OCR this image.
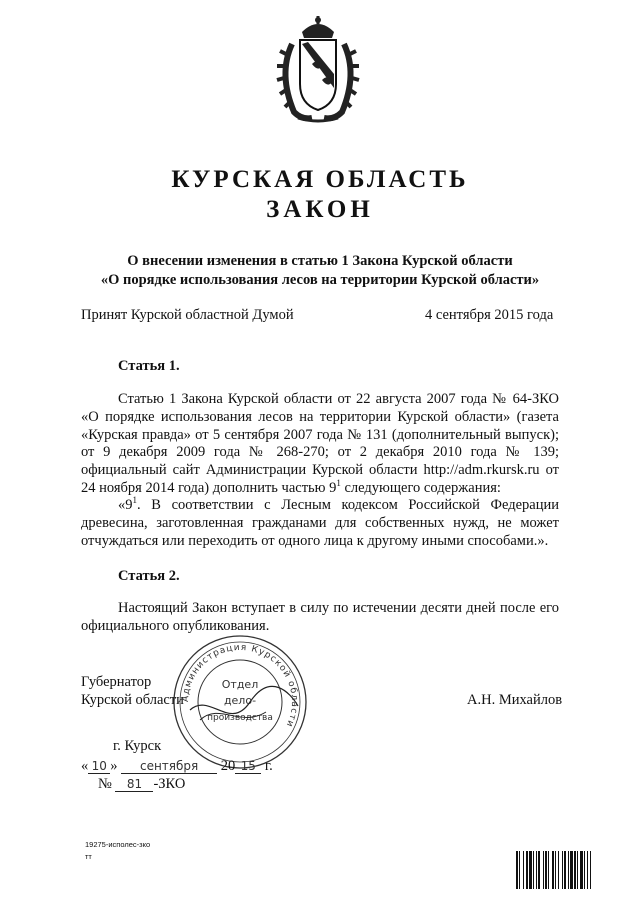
КУРСКАЯ ОБЛАСТЬ
ЗАКОН
О внесении изменения в статью 1 Закона Курской области
«О порядке использования лесов на территории Курской области»
Принят Курской областной Думой	4 сентября 2015 года
Статья 1.
Статью 1 Закона Курской области от 22 августа 2007 года № 64-ЗКО «О порядке использования лесов на территории Курской области» (газета «Курская правда» от 5 сентября 2007 года № 131 (дополнительный выпуск); от 9 декабря 2009 года № 268-270; от 2 декабря 2010 года № 139; официальный сайт Администрации Курской области http://adm.rkursk.ru от 24 ноября 2014 года) дополнить частью $9^1$ следующего содержания:
«$9^1$. В соответствии с Лесным кодексом Российской Федерации древесина, заготовленная гражданами для собственных нужд, не может отчуждаться или переходить от одного лица к другому иными способами.».
Статья 2.
Настоящий Закон вступает в силу по истечении десяти дней после его официального опубликования.
Губернатор
Курской области	А.Н. Михайлов
Администрация Курской области
Отдел
дело-
производства
г. Курск
« 10 » сентября 20 15 г.
№ 81 -ЗКО
19275-исполес-зко
тт
